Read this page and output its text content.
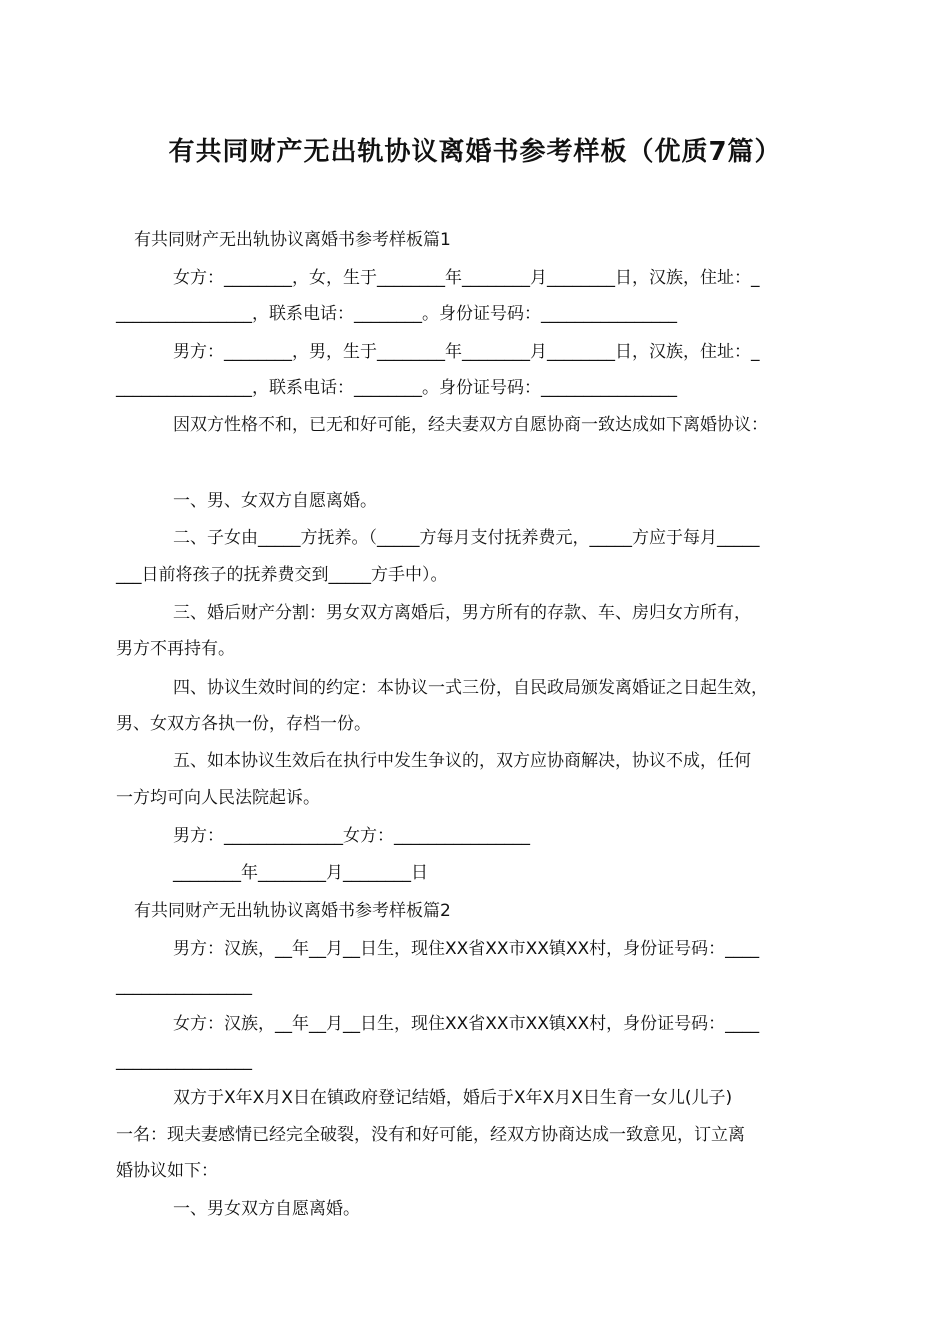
有共同财产无出轨协议离婚书参考样板（优质7篇）
有共同财产无出轨协议离婚书参考样板篇1
女方：________，女，生于________年________月________日，汉族，住址：_
________________，联系电话：________。身份证号码：________________
男方：________，男，生于________年________月________日，汉族，住址：_
________________，联系电话：________。身份证号码：________________
因双方性格不和，已无和好可能，经夫妻双方自愿协商一致达成如下离婚协议：
一、男、女双方自愿离婚。
二、子女由_____方抚养。（_____方每月支付抚养费元，_____方应于每月_____
___日前将孩子的抚养费交到_____方手中）。
三、婚后财产分割：男女双方离婚后，男方所有的存款、车、房归女方所有，
男方不再持有。
四、协议生效时间的约定：本协议一式三份，自民政局颁发离婚证之日起生效，
男、女双方各执一份，存档一份。
五、如本协议生效后在执行中发生争议的，双方应协商解决，协议不成，任何
一方均可向人民法院起诉。
男方：______________女方：________________
________年________月________日
有共同财产无出轨协议离婚书参考样板篇2
男方：汉族，__年__月__日生，现住XX省XX市XX镇XX村，身份证号码：____
________________
女方：汉族，__年__月__日生，现住XX省XX市XX镇XX村，身份证号码：____
________________
双方于X年X月X日在镇政府登记结婚，婚后于X年X月X日生育一女儿(儿子)
一名：现夫妻感情已经完全破裂，没有和好可能，经双方协商达成一致意见，订立离
婚协议如下：
一、男女双方自愿离婚。
